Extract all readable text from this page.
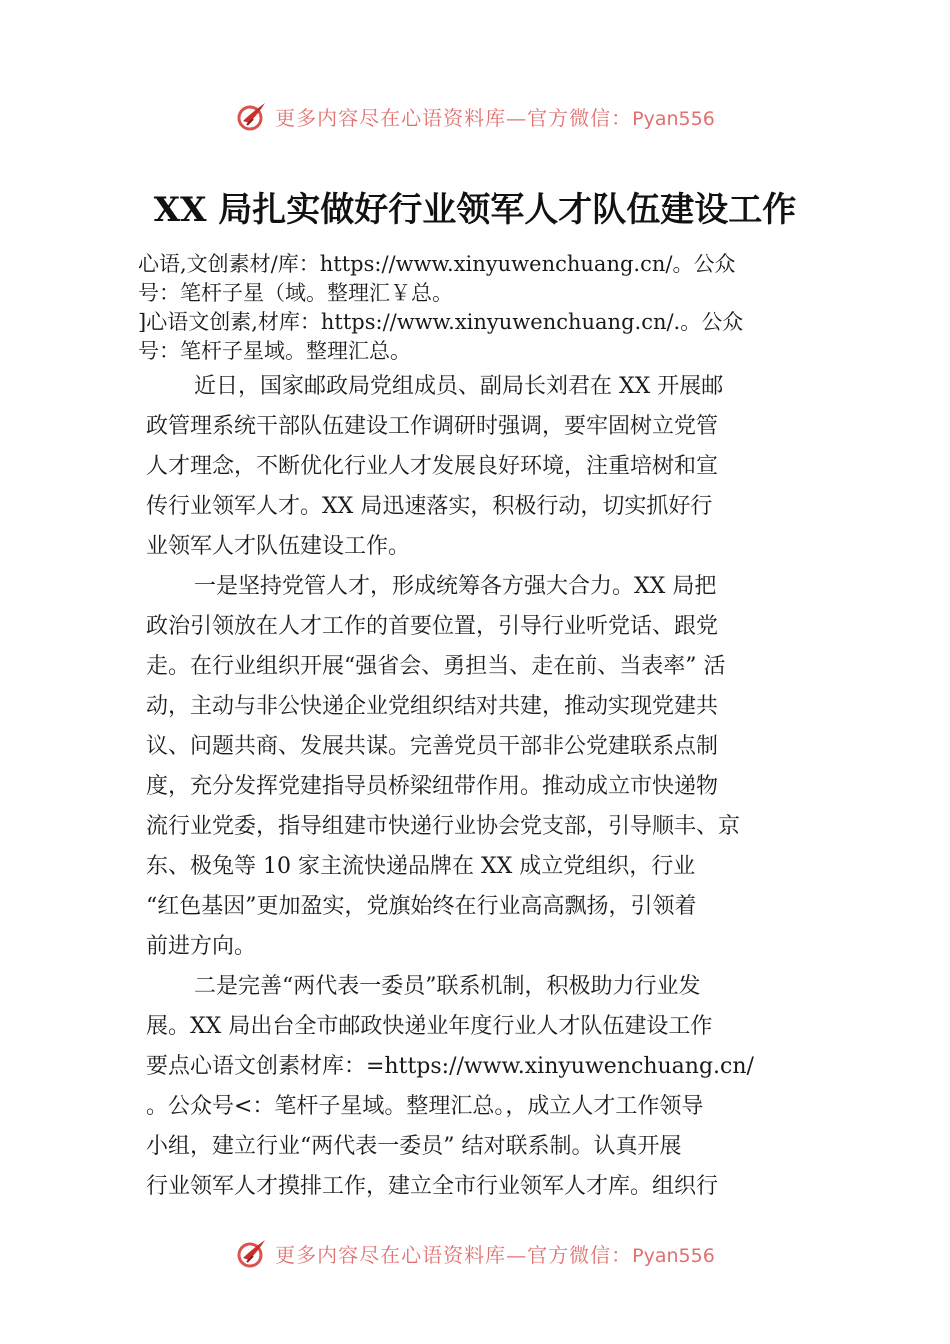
更多内容尽在心语资料库—官方微信：Pyan556
XX 局扎实做好行业领军人才队伍建设工作
心语,文创素材/库：https://www.xinyuwenchuang.cn/。公众
号：笔杆子星（域。整理汇￥总。
]心语文创素,材库：https://www.xinyuwenchuang.cn/.。公众
号：笔杆子星域。整理汇总。
近日，国家邮政局党组成员、副局长刘君在 XX 开展邮
政管理系统干部队伍建设工作调研时强调，要牢固树立党管
人才理念，不断优化行业人才发展良好环境，注重培树和宣
传行业领军人才。XX 局迅速落实，积极行动，切实抓好行
业领军人才队伍建设工作。
一是坚持党管人才，形成统筹各方强大合力。XX 局把
政治引领放在人才工作的首要位置，引导行业听党话、跟党
走。在行业组织开展“强省会、勇担当、走在前、当表率” 活
动，主动与非公快递企业党组织结对共建，推动实现党建共
议、问题共商、发展共谋。完善党员干部非公党建联系点制
度，充分发挥党建指导员桥梁纽带作用。推动成立市快递物
流行业党委，指导组建市快递行业协会党支部，引导顺丰、京
东、极兔等 10 家主流快递品牌在 XX 成立党组织，行业
“红色基因”更加盈实，党旗始终在行业高高飘扬，引领着
前进方向。
二是完善“两代表一委员”联系机制，积极助力行业发
展。XX 局出台全市邮政快递业年度行业人才队伍建设工作
要点心语文创素材库：=https://www.xinyuwenchuang.cn/
。公众号<：笔杆子星域。整理汇总。，成立人才工作领导
小组，建立行业“两代表一委员” 结对联系制。认真开展
行业领军人才摸排工作，建立全市行业领军人才库。组织行
更多内容尽在心语资料库—官方微信：Pyan556
